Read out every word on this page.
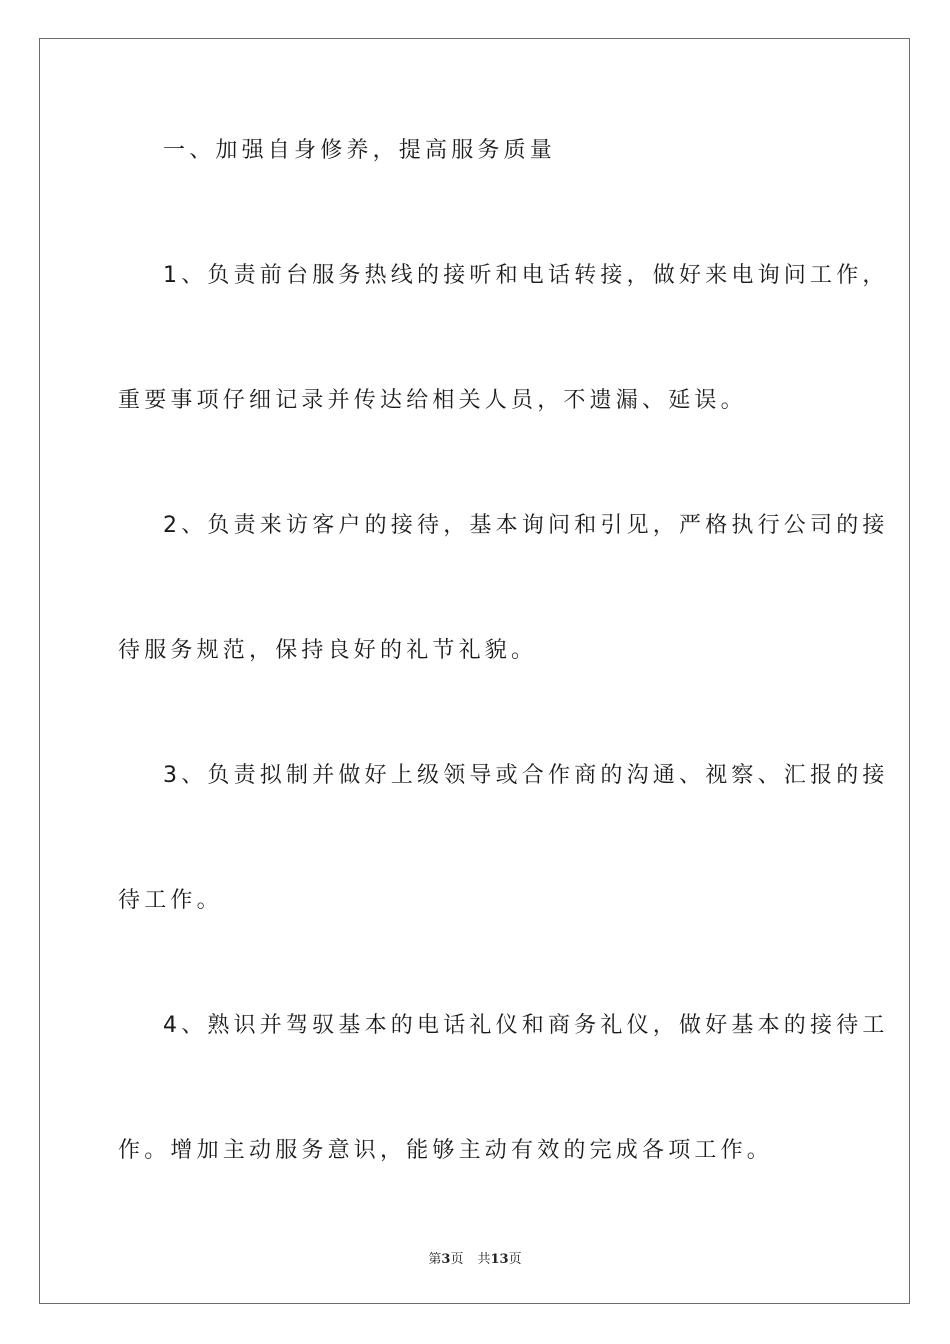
一、加强自身修养，提高服务质量
1、负责前台服务热线的接听和电话转接，做好来电询问工作，
重要事项仔细记录并传达给相关人员，不遗漏、延误。
2、负责来访客户的接待，基本询问和引见，严格执行公司的接
待服务规范，保持良好的礼节礼貌。
3、负责拟制并做好上级领导或合作商的沟通、视察、汇报的接
待工作。
4、熟识并驾驭基本的电话礼仪和商务礼仪，做好基本的接待工
作。增加主动服务意识，能够主动有效的完成各项工作。
第3页 共13页
